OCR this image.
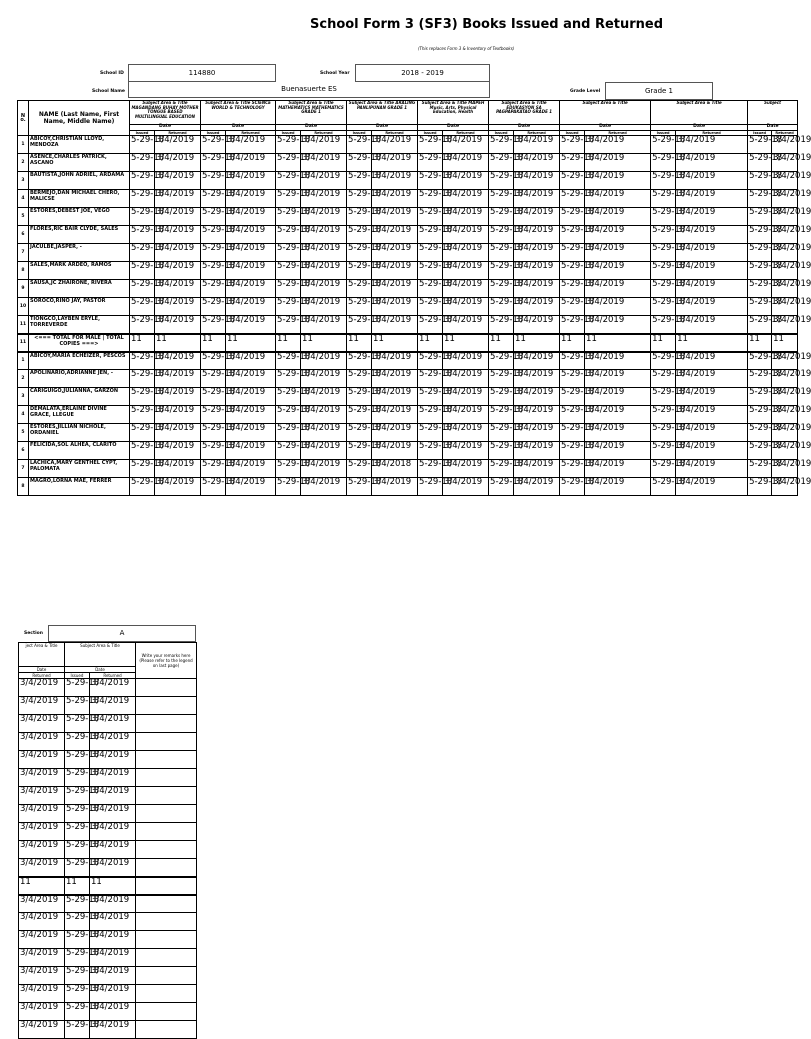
School Form 3 (SF3) Books Issued and Returned
(This replaces Form 3 & Inventory of Textbooks)
School ID	114880	School Year	2018 - 2019
School Name	Buenasuerte ES	Grade Level	Grade 1
N o.	NAME (Last Name, First Name, Middle Name)	Subject Area & Title MAGANDANG BUHAY MOTHER TONGUE BASED MULTILINGUAL EDUCATION		Subject Area & Title SCIENCE WORLD & TECHNOLOGY		Subject Area & Title MATHEMATICS MATHEMATICS GRADE 1		Subject Area & Title ARALING PANLIPUNAN GRADE 1		Subject Area & Title MAPEH Music, Arts, Physical Education, Health		Subject Area & Title EDUKASYON SA PAGPAPAKATAO GRADE 1		Subject Area & Title		Subject Area & Title		Subject	
		Date		Date		Date		Date		Date		Date		Date		Date		Date	
		Issued	Returned	Issued	Returned	Issued	Returned	Issued	Returned	Issued	Returned	Issued	Returned	Issued	Returned	Issued	Returned	Issued	Returned
1	ABICOY,CHRISTIAN LLOYD, MENDOZA	5-29-18	3/4/2019	5-29-18	3/4/2019	5-29-18	3/4/2019	5-29-18	3/4/2019	5-29-18	3/4/2019	5-29-18	3/4/2019	5-29-18	3/4/2019	5-29-18	3/4/2019	5-29-18	3/4/2019
2	ASENCE,CHARLES PATRICK, ASCANO	5-29-18	3/4/2019	5-29-18	3/4/2019	5-29-18	3/4/2019	5-29-18	3/4/2019	5-29-18	3/4/2019	5-29-18	3/4/2019	5-29-18	3/4/2019	5-29-18	3/4/2019	5-29-18	3/4/2019
3	BAUTISTA,JOHN ADRIEL, ARDAMA	5-29-18	3/4/2019	5-29-18	3/4/2019	5-29-18	3/4/2019	5-29-18	3/4/2019	5-29-18	3/4/2019	5-29-18	3/4/2019	5-29-18	3/4/2019	5-29-18	3/4/2019	5-29-18	3/4/2019
4	BERMEJO,DAN MICHAEL CHERO, MALICSE	5-29-18	3/4/2019	5-29-18	3/4/2019	5-29-18	3/4/2019	5-29-18	3/4/2019	5-29-18	3/4/2019	5-29-18	3/4/2019	5-29-18	3/4/2019	5-29-18	3/4/2019	5-29-18	3/4/2019
5	ESTORES,DEBEST JOE, VEGO	5-29-18	3/4/2019	5-29-18	3/4/2019	5-29-18	3/4/2019	5-29-18	3/4/2019	5-29-18	3/4/2019	5-29-18	3/4/2019	5-29-18	3/4/2019	5-29-18	3/4/2019	5-29-18	3/4/2019
6	FLORES,RIC BAIR CLYDE, SALES	5-29-18	3/4/2019	5-29-18	3/4/2019	5-29-18	3/4/2019	5-29-18	3/4/2019	5-29-18	3/4/2019	5-29-18	3/4/2019	5-29-18	3/4/2019	5-29-18	3/4/2019	5-29-18	3/4/2019
7	JACULBE,JASPER, -	5-29-18	3/4/2019	5-29-18	3/4/2019	5-29-18	3/4/2019	5-29-18	3/4/2019	5-29-18	3/4/2019	5-29-18	3/4/2019	5-29-18	3/4/2019	5-29-18	3/4/2019	5-29-18	3/4/2019
8	SALES,MARK ARDEO, RAMOS	5-29-18	3/4/2019	5-29-18	3/4/2019	5-29-18	3/4/2019	5-29-18	3/4/2019	5-29-18	3/4/2019	5-29-18	3/4/2019	5-29-18	3/4/2019	5-29-18	3/4/2019	5-29-18	3/4/2019
9	SAUSA,JC ZHAIRONE, RIVERA	5-29-18	3/4/2019	5-29-18	3/4/2019	5-29-18	3/4/2019	5-29-18	3/4/2019	5-29-18	3/4/2019	5-29-18	3/4/2019	5-29-18	3/4/2019	5-29-18	3/4/2019	5-29-18	3/4/2019
10	SOROCO,RIÑO JAY, PASTOR	5-29-18	3/4/2019	5-29-18	3/4/2019	5-29-18	3/4/2019	5-29-18	3/4/2019	5-29-18	3/4/2019	5-29-18	3/4/2019	5-29-18	3/4/2019	5-29-18	3/4/2019	5-29-18	3/4/2019
11	TIONGCO,LAYBEN ERYLE, TORREVERDE	5-29-18	3/4/2019	5-29-18	3/4/2019	5-29-18	3/4/2019	5-29-18	3/4/2019	5-29-18	3/4/2019	5-29-18	3/4/2019	5-29-18	3/4/2019	5-29-18	3/4/2019	5-29-18	3/4/2019
11	<=== TOTAL FOR MALE | TOTAL COPIES ===>	11	11	11	11	11	11	11	11	11	11	11	11	11	11	11	11	11	11
1	ABICOY,MARIA ECHEIZER, PESCOS	5-29-18	3/4/2019	5-29-18	3/4/2019	5-29-18	3/4/2019	5-29-18	3/4/2019	5-29-18	3/4/2019	5-29-18	3/4/2019	5-29-18	3/4/2019	5-29-18	3/4/2019	5-29-18	3/4/2019
2	APOLINARIO,ADRIANNE JEN, -	5-29-18	3/4/2019	5-29-18	3/4/2019	5-29-18	3/4/2019	5-29-18	3/4/2019	5-29-18	3/4/2019	5-29-18	3/4/2019	5-29-18	3/4/2019	5-29-18	3/4/2019	5-29-18	3/4/2019
3	CARIGUIGO,JULIANNA, GARZON	5-29-18	3/4/2019	5-29-18	3/4/2019	5-29-18	3/4/2019	5-29-18	3/4/2019	5-29-18	3/4/2019	5-29-18	3/4/2019	5-29-18	3/4/2019	5-29-18	3/4/2019	5-29-18	3/4/2019
4	DEMALATA,ERLAINE DIVINE GRACE, LLEGUE	5-29-18	3/4/2019	5-29-18	3/4/2019	5-29-18	3/4/2019	5-29-18	3/4/2019	5-29-18	3/4/2019	5-29-18	3/4/2019	5-29-18	3/4/2019	5-29-18	3/4/2019	5-29-18	3/4/2019
5	ESTORES,JILLIAN NICHOLE, ORDANIEL	5-29-18	3/4/2019	5-29-18	3/4/2019	5-29-18	3/4/2019	5-29-18	3/4/2019	5-29-18	3/4/2019	5-29-18	3/4/2019	5-29-18	3/4/2019	5-29-18	3/4/2019	5-29-18	3/4/2019
6	FELICIDA,SOL ALHEA, CLARITO	5-29-18	3/4/2019	5-29-18	3/4/2019	5-29-18	3/4/2019	5-29-18	3/4/2019	5-29-18	3/4/2019	5-29-18	3/4/2019	5-29-18	3/4/2019	5-29-18	3/4/2019	5-29-18	3/4/2019
7	LACHICA,MARY GENTHEL CYPT, PALOMATA	5-29-18	3/4/2019	5-29-18	3/4/2019	5-29-18	3/4/2019	5-29-18	3/4/2018	5-29-18	3/4/2019	5-29-18	3/4/2019	5-29-18	3/4/2019	5-29-18	3/4/2019	5-29-18	3/4/2019
8	MAGRO,LORNA MAE, FERRER	5-29-18	3/4/2019	5-29-18	3/4/2019	5-29-18	3/4/2019	5-29-18	3/4/2019	5-29-18	3/4/2019	5-29-18	3/4/2019	5-29-18	3/4/2019	5-29-18	3/4/2019	5-29-18	3/4/2019
Section	A
ject Area & Title	Subject Area & Title		Write your remarks here (Please refer to the legend on last page)
Date	Date		
Returned	Issued	Returned	
3/4/2019	5-29-18	3/4/2019	
3/4/2019	5-29-18	3/4/2019	
3/4/2019	5-29-18	3/4/2019	
3/4/2019	5-29-18	3/4/2019	
3/4/2019	5-29-18	3/4/2019	
3/4/2019	5-29-18	3/4/2019	
3/4/2019	5-29-18	3/4/2019	
3/4/2019	5-29-18	3/4/2019	
3/4/2019	5-29-18	3/4/2019	
3/4/2019	5-29-18	3/4/2019	
3/4/2019	5-29-18	3/4/2019	
11	11	11	
3/4/2019	5-29-18	3/4/2019	
3/4/2019	5-29-18	3/4/2019	
3/4/2019	5-29-18	3/4/2019	
3/4/2019	5-29-18	3/4/2019	
3/4/2019	5-29-18	3/4/2019	
3/4/2019	5-29-18	3/4/2019	
3/4/2019	5-29-18	3/4/2019	
3/4/2019	5-29-18	3/4/2019	
